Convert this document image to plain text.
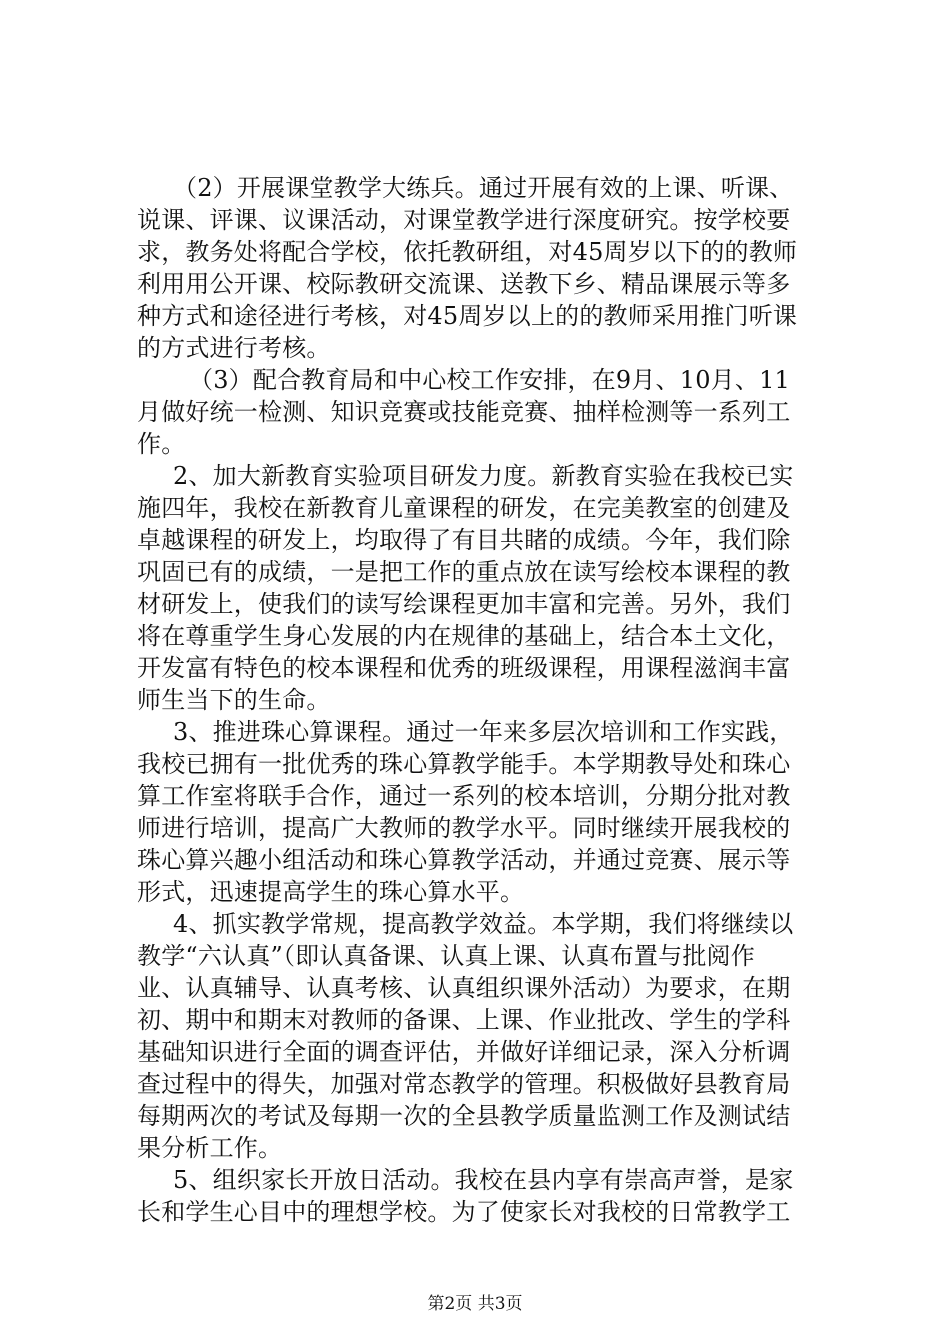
（2）开展课堂教学大练兵。通过开展有效的上课、听课、
说课、评课、议课活动，对课堂教学进行深度研究。按学校要
求，教务处将配合学校，依托教研组，对45周岁以下的的教师
利用用公开课、校际教研交流课、送教下乡、精品课展示等多
种方式和途径进行考核，对45周岁以上的的教师采用推门听课
的方式进行考核。
（3）配合教育局和中心校工作安排，在9月、10月、11
月做好统一检测、知识竞赛或技能竞赛、抽样检测等一系列工
作。
2、加大新教育实验项目研发力度。新教育实验在我校已实
施四年，我校在新教育儿童课程的研发，在完美教室的创建及
卓越课程的研发上，均取得了有目共睹的成绩。今年，我们除
巩固已有的成绩，一是把工作的重点放在读写绘校本课程的教
材研发上，使我们的读写绘课程更加丰富和完善。另外，我们
将在尊重学生身心发展的内在规律的基础上，结合本土文化，
开发富有特色的校本课程和优秀的班级课程，用课程滋润丰富
师生当下的生命。
3、推进珠心算课程。通过一年来多层次培训和工作实践，
我校已拥有一批优秀的珠心算教学能手。本学期教导处和珠心
算工作室将联手合作，通过一系列的校本培训，分期分批对教
师进行培训，提高广大教师的教学水平。同时继续开展我校的
珠心算兴趣小组活动和珠心算教学活动，并通过竞赛、展示等
形式，迅速提高学生的珠心算水平。
4、抓实教学常规，提高教学效益。本学期，我们将继续以
教学“六认真”（即认真备课、认真上课、认真布置与批阅作
业、认真辅导、认真考核、认真组织课外活动）为要求，在期
初、期中和期末对教师的备课、上课、作业批改、学生的学科
基础知识进行全面的调查评估，并做好详细记录，深入分析调
查过程中的得失，加强对常态教学的管理。积极做好县教育局
每期两次的考试及每期一次的全县教学质量监测工作及测试结
果分析工作。
5、组织家长开放日活动。我校在县内享有崇高声誉，是家
长和学生心目中的理想学校。为了使家长对我校的日常教学工
第2页 共3页
